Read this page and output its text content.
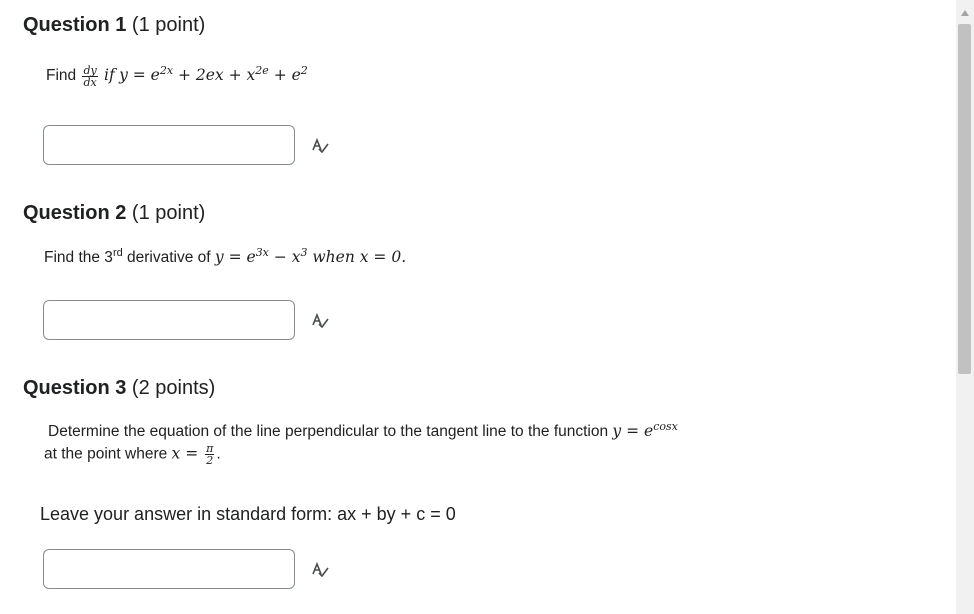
Question 1 (1 point)
Find $\frac{dy}{dx}$ if $y = e^{2x} + 2ex + x^{2e} + e^2$
Question 2 (1 point)
Find the 3rd derivative of $y = e^{3x} - x^3$ when x = 0.
Question 3 (2 points)
Determine the equation of the line perpendicular to the tangent line to the function $y = e^{cosx}$
at the point where $x = \frac{\pi}{2}$ .
Leave your answer in standard form: ax + by + c = 0
